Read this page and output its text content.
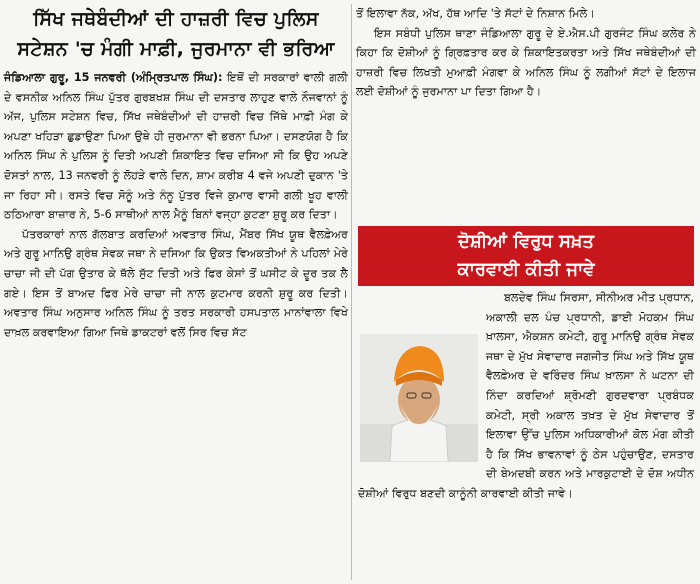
ਸਿੱਖ ਜਥੇਬੰਦੀਆਂ ਦੀ ਹਾਜ਼ਰੀ ਵਿਚ ਪੁਲਿਸ
ਸਟੇਸ਼ਨ 'ਚ ਮੰਗੀ ਮਾਫ਼ੀ, ਜੁਰਮਾਨਾ ਵੀ ਭਰਿਆ

ਜੰਡਿਆਲਾ ਗੁਰੂ, 15 ਜਨਵਰੀ (ਅੰਮ੍ਰਿਤਪਾਲ ਸਿੰਘ): ਇਥੋਂ ਦੀ ਸਰਕਾਰਾਂ ਵਾਲੀ ਗਲੀ ਦੇ ਵਸਨੀਕ ਅਨਿਲ ਸਿੰਘ ਪੁੱਤਰ ਗੁਰਬਖਸ਼ ਸਿੰਘ ਦੀ ਦਸਤਾਰ ਲਾਹੁਣ ਵਾਲੇ ਨੌਜਵਾਨਾਂ ਨੂੰ ਅੱਜ, ਪੁਲਿਸ ਸਟੇਸ਼ਨ ਵਿਚ, ਸਿੱਖ ਜਥੇਬੰਦੀਆਂ ਦੀ ਹਾਜ਼ਰੀ ਵਿਚ ਜਿੱਥੇ ਮਾਫ਼ੀ ਮੰਗ ਕੇ ਅਪਣਾ ਖਹਿੜਾ ਛੁਡਾਉਣਾ ਪਿਆ ਉਥੇ ਹੀ ਜੁਰਮਾਨਾ ਵੀ ਭਰਨਾ ਪਿਆ। ਦਸਣਯੋਗ ਹੈ ਕਿ ਅਨਿਲ ਸਿੰਘ ਨੇ ਪੁਲਿਸ ਨੂੰ ਦਿਤੀ ਅਪਣੀ ਸ਼ਿਕਾਇਤ ਵਿਚ ਦਸਿਆ ਸੀ ਕਿ ਉਹ ਅਪਣੇ ਦੋਸਤਾਂ ਨਾਲ, 13 ਜਨਵਰੀ ਨੂੰ ਲੋਹੜੇ ਵਾਲੇ ਦਿਨ, ਸ਼ਾਮ ਕਰੀਬ 4 ਵਜੇ ਅਪਣੀ ਦੁਕਾਨ 'ਤੇ ਜਾ ਰਿਹਾ ਸੀ। ਰਸਤੇ ਵਿਚ ਸੋਨੂੰ ਅਤੇ ਨੰਨੂ ਪੁੱਤਰ ਵਿਜੇ ਕੁਮਾਰ ਵਾਸੀ ਗਲੀ ਖੂਹ ਵਾਲੀ ਠਠਿਆਰਾ ਬਾਜ਼ਾਰ ਨੇ, 5-6 ਸਾਥੀਆਂ ਨਾਲ ਮੈਨੂੰ ਬਿਨਾਂ ਵਜ੍ਹਾ ਕੁਟਣਾ ਸ਼ੁਰੂ ਕਰ ਦਿਤਾ।

ਪੱਤਰਕਾਰਾਂ ਨਾਲ ਗੱਲਬਾਤ ਕਰਦਿਆਂ ਅਵਤਾਰ ਸਿੰਘ, ਮੈਂਬਰ ਸਿੱਖ ਯੂਥ ਵੈਲਫ਼ੇਅਰ ਅਤੇ ਗੁਰੂ ਮਾਨਿਉ ਗ੍ਰੰਥ ਸੇਵਕ ਜਥਾ ਨੇ ਦਸਿਆ ਕਿ ਉਕਤ ਵਿਅਕਤੀਆਂ ਨੇ ਪਹਿਲਾਂ ਮੇਰੇ ਚਾਚਾ ਜੀ ਦੀ ਪੱਗ ਉਤਾਰ ਕੇ ਥੱਲੇ ਸੁੱਟ ਦਿਤੀ ਅਤੇ ਫਿਰ ਕੇਸਾਂ ਤੋਂ ਘਸੀਟ ਕੇ ਦੂਰ ਤਕ ਲੈ ਗਏ। ਇਸ ਤੋਂ ਬਾਅਦ ਫਿਰ ਮੇਰੇ ਚਾਚਾ ਜੀ ਨਾਲ ਕੁਟਮਾਰ ਕਰਨੀ ਸ਼ੁਰੂ ਕਰ ਦਿਤੀ। ਅਵਤਾਰ ਸਿੰਘ ਅਨੁਸਾਰ ਅਨਿਲ ਸਿੰਘ ਨੂੰ ਤਰਤ ਸਰਕਾਰੀ ਹਸਪਤਾਲ ਮਾਨਾਂਵਾਲਾ ਵਿਖੇ ਦਾਖ਼ਲ ਕਰਵਾਇਆ ਗਿਆ ਜਿਥੇ ਡਾਕਟਰਾਂ ਵਲੋਂ ਸਿਰ ਵਿਚ ਸੱਟ

ਤੋਂ ਇਲਾਵਾ ਨੱਕ, ਅੱਖ, ਹੱਥ ਆਦਿ 'ਤੇ ਸੱਟਾਂ ਦੇ ਨਿਸ਼ਾਨ ਮਿਲੇ।

ਇਸ ਸਬੰਧੀ ਪੁਲਿਸ ਥਾਣਾ ਜੰਡਿਆਲਾ ਗੁਰੂ ਦੇ ਏ.ਐਸ.ਪੀ ਗੁਰਜੰਟ ਸਿੰਘ ਕਲੇਰ ਨੇ ਕਿਹਾ ਕਿ ਦੋਸ਼ੀਆਂ ਨੂੰ ਗ੍ਰਿਫ਼ਤਾਰ ਕਰ ਕੇ ਸ਼ਿਕਾਇਤਕਰਤਾ ਅਤੇ ਸਿੱਖ ਜਥੇਬੰਦੀਆਂ ਦੀ ਹਾਜ਼ਰੀ ਵਿਚ ਲਿਖਤੀ ਮੁਆਫ਼ੀ ਮੰਗਵਾ ਕੇ ਅਨਿਲ ਸਿੰਘ ਨੂੰ ਲਗੀਆਂ ਸੱਟਾਂ ਦੇ ਇਲਾਜ ਲਈ ਦੋਸ਼ੀਆਂ ਨੂੰ ਜੁਰਮਾਨਾ ਪਾ ਦਿਤਾ ਗਿਆ ਹੈ।

ਦੋਸ਼ੀਆਂ ਵਿਰੁਧ ਸਖ਼ਤ
ਕਾਰਵਾਈ ਕੀਤੀ ਜਾਵੇ

ਬਲਦੇਵ ਸਿੰਘ ਸਿਰਸਾ, ਸੀਨੀਅਰ ਮੀਤ ਪ੍ਰਧਾਨ, ਅਕਾਲੀ ਦਲ ਪੰਚ ਪ੍ਰਧਾਨੀ, ਡਾਈ ਮੋਹਕਮ ਸਿੰਘ ਖ਼ਾਲਸਾ, ਐਕਸ਼ਨ ਕਮੇਟੀ, ਗੁਰੂ ਮਾਨਿਉ ਗ੍ਰੰਥ ਸੇਵਕ ਜਥਾ ਦੇ ਮੁੱਖ ਸੇਵਾਦਾਰ ਜਗਜੀਤ ਸਿੰਘ ਅਤੇ ਸਿੱਖ ਯੂਥ ਵੈਲਫ਼ੇਅਰ ਦੇ ਵਰਿੰਦਰ ਸਿੰਘ ਖ਼ਾਲਸਾ ਨੇ ਘਟਨਾ ਦੀ ਨਿੰਦਾ ਕਰਦਿਆਂ ਸ਼੍ਰੋਮਣੀ ਗੁਰਦਵਾਰਾ ਪ੍ਰਬੰਧਕ ਕਮੇਟੀ, ਸ੍ਰੀ ਅਕਾਲ ਤਖ਼ਤ ਦੇ ਮੁੱਖ ਸੇਵਾਦਾਰ ਤੋਂ ਇਲਾਵਾ ਉੱਚ ਪੁਲਿਸ ਅਧਿਕਾਰੀਆਂ ਕੋਲ ਮੰਗ ਕੀਤੀ ਹੈ ਕਿ ਸਿੱਖ ਭਾਵਨਾਵਾਂ ਨੂੰ ਠੇਸ ਪਹੁੰਚਾਉਣ, ਦਸਤਾਰ ਦੀ ਬੇਅਦਬੀ ਕਰਨ ਅਤੇ ਮਾਰਕੁਟਾਈ ਦੇ ਦੋਸ਼ ਅਧੀਨ ਦੋਸ਼ੀਆਂ ਵਿਰੁਧ ਬਣਦੀ ਕਾਨੂੰਨੀ ਕਾਰਵਾਈ ਕੀਤੀ ਜਾਵੇ।
